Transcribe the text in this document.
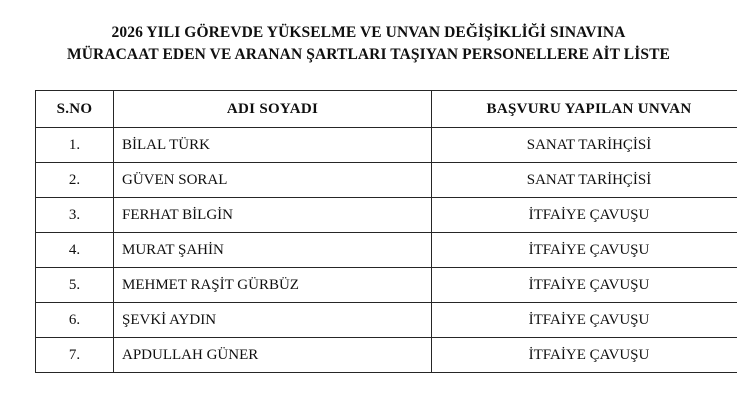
2026 YILI GÖREVDE YÜKSELME VE UNVAN DEĞİŞİKLİĞİ SINAVINA
MÜRACAAT EDEN VE ARANAN ŞARTLARI TAŞIYAN PERSONELLERE AİT LİSTE
S.NO	ADI SOYADI	BAŞVURU YAPILAN UNVAN
1.	BİLAL TÜRK	SANAT TARİHÇİSİ
2.	GÜVEN SORAL	SANAT TARİHÇİSİ
3.	FERHAT BİLGİN	İTFAİYE ÇAVUŞU
4.	MURAT ŞAHİN	İTFAİYE ÇAVUŞU
5.	MEHMET RAŞİT GÜRBÜZ	İTFAİYE ÇAVUŞU
6.	ŞEVKİ AYDIN	İTFAİYE ÇAVUŞU
7.	APDULLAH GÜNER	İTFAİYE ÇAVUŞU
